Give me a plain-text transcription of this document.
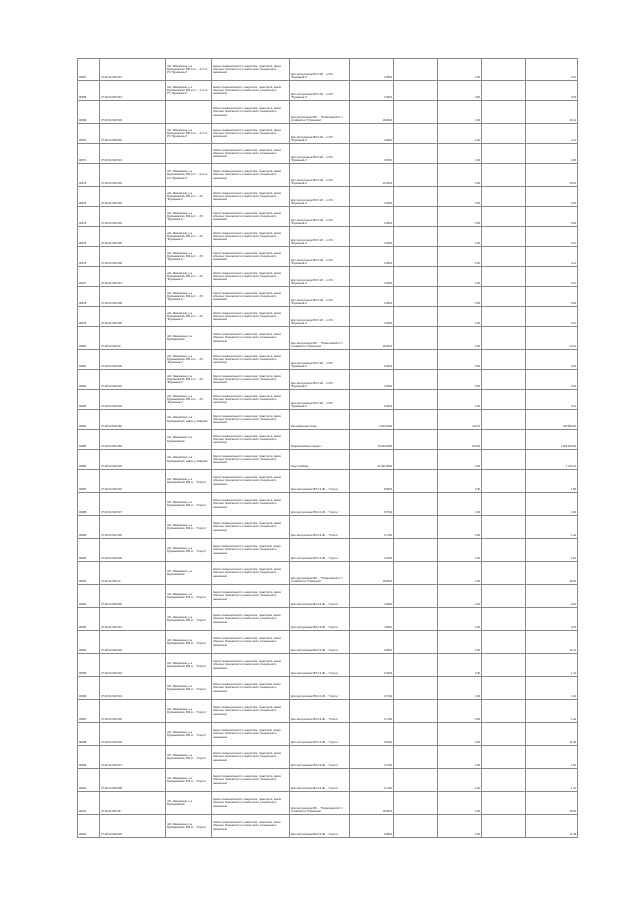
96067	37:19:014726:310	обл. Ивановская, р-н Фурмановский, 830 м от ... 6-го от РС "Фурманов-2"	Земли промышленности, энергетики, транспорта, земли обороны, безопасности и земли иного специального назначения	Для эксплуатации ВЛ 6 кВ ... от РС "Фурманов-2"	0.0554		2.00		0.11
96068	37:19:014726:319	обл. Ивановская, р-н Фурмановский, 830 м от ... 6-го от РС "Фурманов-2"	Земли промышленности, энергетики, транспорта, земли обороны, безопасности и земли иного специального назначения	Для эксплуатации ВЛ 6 кВ ... от РС "Фурманов-2"	0.0054		0.50		0.03
96069	37:19:014726:300		Земли промышленности, энергетики, транспорта, земли обороны, безопасности и земли иного специального назначения	Для эксплуатации ВЛ ... "Приволжский-2" с отпайкой на "Губкинская"	18.0004		0.40		54.11
96070	37:19:014726:302	обл. Ивановская, р-н Фурмановский, 830 м от ... 6-го от РС "Фурманов-2"	Земли промышленности, энергетики, транспорта, земли обороны, безопасности и земли иного специального назначения	Для эксплуатации ВЛ 6 кВ ... от РС "Фурманов-2"	0.0054		0.40		0.11
96071	37:19:014726:301		Земли промышленности, энергетики, транспорта, земли обороны, безопасности и земли иного специального назначения	Для эксплуатации ВЛ 6 кВ ... от РС "Фурманов-2"	0.0054		0.40		0.05
96072	37:19:014726:303	обл. Ивановская, р-н Фурмановский, 830 м от ... 6-го от РС "Фурманов-2"	Земли промышленности, энергетики, транспорта, земли обороны, безопасности и земли иного специального назначения	Для эксплуатации ВЛ 6 кВ ... от РС "Фурманов-2"	14.5004		0.40		29.01
96073	37:19:014726:302	обл. Ивановская, р-н Фурмановский, 830 м от ... РС "Фурманов-2"	Земли промышленности, энергетики, транспорта, земли обороны, безопасности и земли иного специального назначения	Для эксплуатации ВЛ 6 кВ ... от РС "Фурманов-2"	0.0054		0.50		0.03
96074	37:19:014726:304	обл. Ивановская, р-н Фурмановский, 830 м от ... РС "Фурманов-2"	Земли промышленности, энергетики, транспорта, земли обороны, безопасности и земли иного специального назначения	Для эксплуатации ВЛ 6 кВ ... от РС "Фурманов-2"	0.0054		0.50		0.03
96075	37:19:014726:305	обл. Ивановская, р-н Фурмановский, 830 м от ... РС "Фурманов-2"	Земли промышленности, энергетики, транспорта, земли обороны, безопасности и земли иного специального назначения	Для эксплуатации ВЛ 6 кВ ... от РС "Фурманов-2"	0.0054		2.00		0.11
96076	37:19:014726:306	обл. Ивановская, р-н Фурмановский, 830 м от ... РС "Фурманов-2"	Земли промышленности, энергетики, транспорта, земли обороны, безопасности и земли иного специального назначения	Для эксплуатации ВЛ 6 кВ ... от РС "Фурманов-2"	0.0054		2.00		0.11
96077	37:19:014726:307	обл. Ивановская, р-н Фурмановский, 830 м от ... РС "Фурманов-2"	Земли промышленности, энергетики, транспорта, земли обороны, безопасности и земли иного специального назначения	Для эксплуатации ВЛ 6 кВ ... от РС "Фурманов-2"	0.0054		2.00		0.11
96078	37:19:014726:308	обл. Ивановская, р-н Фурмановский, 830 м от ... РС "Фурманов-2"	Земли промышленности, энергетики, транспорта, земли обороны, безопасности и земли иного специального назначения	Для эксплуатации ВЛ 6 кВ ... от РС "Фурманов-2"	0.0054		0.50		0.03
96079	37:19:014726:309	обл. Ивановская, р-н Фурмановский, 830 м от ... РС "Фурманов-2"	Земли промышленности, энергетики, транспорта, земли обороны, безопасности и земли иного специального назначения	Для эксплуатации ВЛ 6 кВ ... от РС "Фурманов-2"	0.0054		2.00		0.11
96080	37:19:014726:20	обл. Ивановская, р-н Фурмановский	Земли промышленности, энергетики, транспорта, земли обороны, безопасности и земли иного специального назначения	Для эксплуатации ВЛ ... "Приволжский-2" с отпайкой на "Губкинская"	18.0004		0.40		72.01
96081	37:19:014726:330	обл. Ивановская, р-н Фурмановский, 830 м от ... РС "Фурманов-2"	Земли промышленности, энергетики, транспорта, земли обороны, безопасности и земли иного специального назначения	Для эксплуатации ВЛ 6 кВ ... от РС "Фурманов-2"	0.0054		0.50		0.03
96082	37:19:014726:331	обл. Ивановская, р-н Фурмановский, 830 м от ... РС "Фурманов-2"	Земли промышленности, энергетики, транспорта, земли обороны, безопасности и земли иного специального назначения	Для эксплуатации ВЛ 6 кВ ... от РС "Фурманов-2"	0.0054		0.50		0.03
96083	37:19:014726:332	обл. Ивановская, р-н Фурмановский, 830 м от ... РС "Фурманов-2"	Земли промышленности, энергетики, транспорта, земли обороны, безопасности и земли иного специального назначения	Для эксплуатации ВЛ 6 кВ ... от РС "Фурманов-2"	0.0054		2.00		0.11
96084	37:19:014726:282	обл. Ивановская, р-н Фурмановский, район д. Жарково	Земли промышленности, энергетики, транспорта, земли обороны, безопасности и земли иного специального назначения	Интервальный склад	4 000.0000		112.70		450 800.00
96085	37:19:014726:284	обл. Ивановская, р-н Фурмановский	Земли промышленности, энергетики, транспорта, земли обороны, безопасности и земли иного специального назначения	Радиорелейная станция ...	10 000.0000		100.00		1 000 000.00
96086	37:19:014726:249	обл. Ивановская, р-н Фурмановский, район д. Жарково	Земли промышленности, энергетики, транспорта, земли обороны, безопасности и земли иного специального назначения	Под стройбазу	21 601.0000		0.00		1 241.61
96087	37:19:014726:294	обл. Ивановская, р-н Фурмановский, 830 м ... "Гороть"	Земли промышленности, энергетики, транспорта, земли обороны, безопасности и земли иного специального назначения	Для эксплуатации ВЛ-0.4 кВ ... "Гороть"	8.8004		0.40		1.68
96088	37:19:014726:307	обл. Ивановская, р-н Фурмановский, 830 м ... "Гороть"	Земли промышленности, энергетики, транспорта, земли обороны, безопасности и земли иного специального назначения	Для эксплуатации ВЛ-0.4 кВ ... "Гороть"	8.7604		0.40		1.60
96089	37:19:014726:320	обл. Ивановская, р-н Фурмановский, 830 м ... "Гороть"	Земли промышленности, энергетики, транспорта, земли обороны, безопасности и земли иного специального назначения	Для эксплуатации ВЛ-0.4 кВ ... "Гороть"	0.7104		0.40		1.42
96090	37:19:014726:339	обл. Ивановская, р-н Фурмановский, 830 м ... "Гороть"	Земли промышленности, энергетики, транспорta, земли обороны, безопасности и земли иного специального назначения	Для эксплуатации ВЛ-0.4 кВ ... "Гороть"	0.7604		0.40		1.61
96091	37:19:014726:14	обл. Ивановская, р-н Фурмановский	Земли промышленности, энергетики, транспорта, земли обороны, безопасности и земли иного специального назначения	Для эксплуатации ВЛ ... "Приволжский-2" с отпайкой на "Губкинская"	18.0004		2.00		36.00
96092	37:19:014726:340	обл. Ивановская, р-н Фурмановский, 830 м ... "Гороть"	Земли промышленности, энергетики, транспорта, земли обороны, безопасности и земли иного специального назначения	Для эксплуатации ВЛ-0.4 кВ ... "Гороть"	4.4604		0.00		8.92
96093	37:19:014726:341	обл. Ивановская, р-н Фурмановский, 830 м ... "Гороть"	Земли промышленности, энергетики, транспорta, земли обороны, безопасности и земли иного специального назначения	Для эксплуатации ВЛ-0.4 кВ ... "Гороть"	4.8604		0.40		9.75
96094	37:19:014726:342	обл. Ивановская, р-н Фурмановский, 830 м ... "Гороть"	Земли промышленности, энергетики, транспорта, земли обороны, безопасности и земли иного специального назначения	Для эксплуатации ВЛ-0.4 кВ ... "Гороть"	0.6604		0.40		11.31
96095	37:19:014726:343	обл. Ивановская, р-н Фурмановский, 830 м ... "Гороть"	Земли промышленности, энергетики, транспорта, земли обороны, безопасности и земли иного специального назначения	Для эксплуатации ВЛ-0.4 кВ ... "Гороть"	0.7604		0.40		1.41
96096	37:19:014726:344	обл. Ивановская, р-н Фурмановский, 830 м ... "Гороть"	Земли промышленности, энергетики, транспорta, земли обороны, безопасности и земли иного специального назначения	Для эксплуатации ВЛ-0.4 кВ ... "Гороть"	0.7104		0.40		1.42
96097	37:19:014726:345	обл. Ивановская, р-н Фурмановский, 830 м ... "Гороть"	Земли промышленности, энергетики, транспорта, земли обороны, безопасности и земли иного специального назначения	Для эксплуатации ВЛ-0.4 кВ ... "Гороть"	0.7104		0.00		1.42
96098	37:19:014726:346	обл. Ивановская, р-н Фурмановский, 830 м ... "Гороть"	Земли промышленности, энергетики, транспорta, земли обороны, безопасности и земли иного специального назначения	Для эксплуатации ВЛ-0.4 кВ ... "Гороть"	5.5104		0.00		11.02
96099	37:19:014726:347	обл. Ивановская, р-н Фурмановский, 830 м ... "Гороть"	Земли промышленности, энергетики, транспорта, земли обороны, безопасности и земли иного специального назначения	Для эксплуатации ВЛ-0.4 кВ ... "Гороть"	0.7104		0.40		1.60
96100	37:19:014726:348	обл. Ивановская, р-н Фурмановский, 830 м ... "Гороть"	Земли промышленности, энергетики, транспорта, земли обороны, безопасности и земли иного специального назначения	Для эксплуатации ВЛ-0.4 кВ ... "Гороть"	0.7104		0.40		1.41
96101	37:19:014726:38	обл. Ивановская, р-н Фурмановский	Земли промышленности, энергетики, транспорта, земли обороны, безопасности и земли иного специального назначения	Для эксплуатации ВЛ ... "Приволжский-2" с отпайкой на "Губкинская"	18.0004		0.40		18.00
96102	37:19:014726:349	обл. Ивановская, р-н Фурмановский, 830 м ... "Гороть"	Земли промышленности, энергетики, транспорta, земли обороны, безопасности и земли иного специального назначения	Для эксплуатации ВЛ-0.4 кВ ... "Гороть"	5.8604		0.40		11.49
